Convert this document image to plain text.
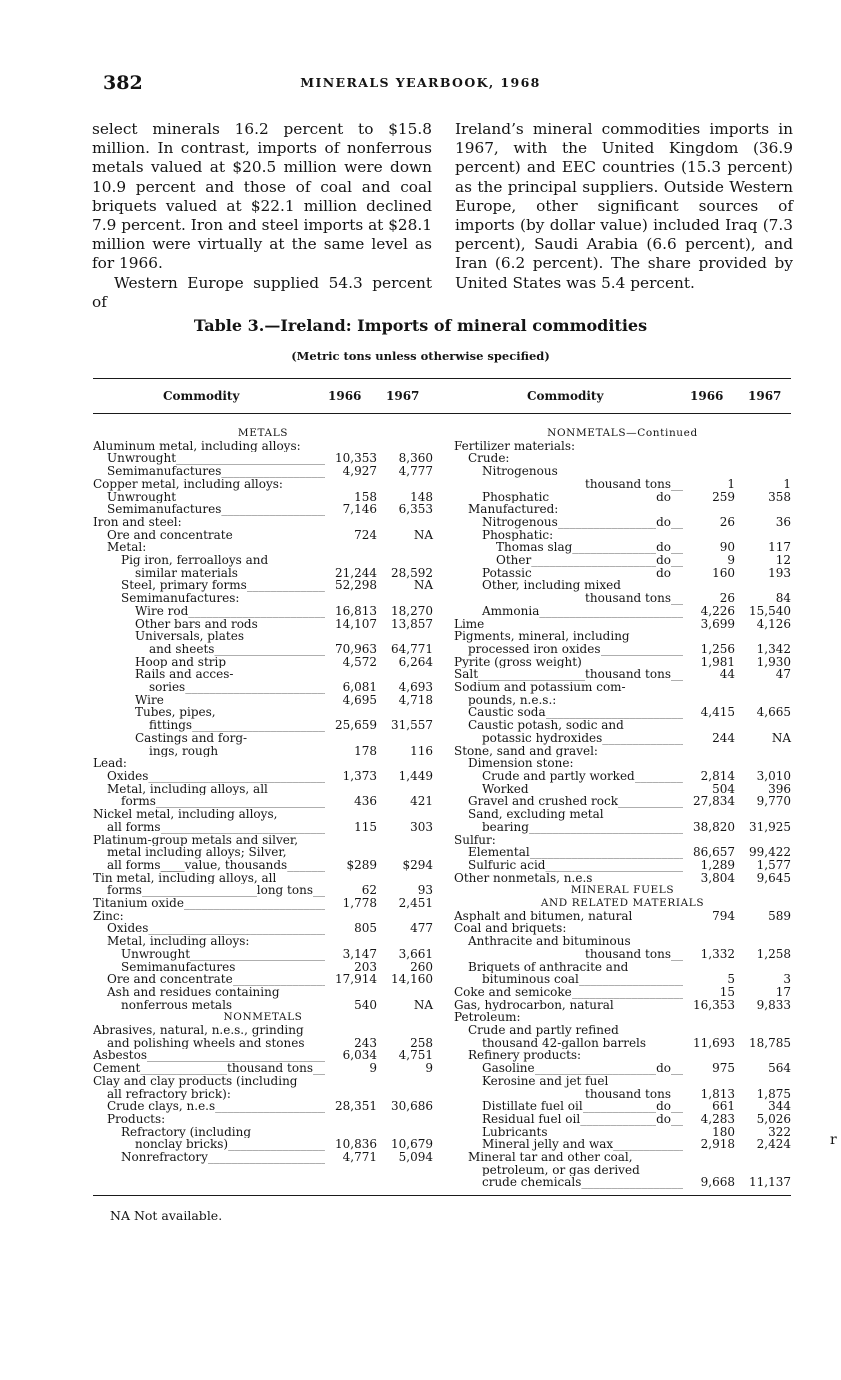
382	MINERALS YEARBOOK, 1968

select minerals 16.2 percent to $15.8 million. In contrast, imports of nonferrous metals valued at $20.5 million were down 10.9 percent and those of coal and coal briquets valued at $22.1 million declined 7.9 percent. Iron and steel imports at $28.1 million were virtually at the same level as for 1966.

Western Europe supplied 54.3 percent of

Ireland’s mineral commodities imports in 1967, with the United Kingdom (36.9 percent) and EEC countries (15.3 percent) as the principal suppliers. Outside Western Europe, other significant sources of imports (by dollar value) included Iraq (7.3 percent), Saudi Arabia (6.6 percent), and Iran (6.2 percent). The share provided by United States was 5.4 percent.

Table 3.—Ireland: Imports of mineral commodities
(Metric tons unless otherwise specified)
Commodity	1966 1967	Commodity	1966 1967
METALS
Aluminum metal, including alloys:
Unwrought _____	10,353	8,360
Semimanufactures _____	4,927	4,777
Copper metal, including alloys:
Unwrought _____	158	148
Semimanufactures _____	7,146	6,353
Iron and steel:
Ore and concentrate _____	724	NA
Metal:
Pig iron, ferroalloys and
similar materials _____	21,244	28,592
Steel, primary forms _____	52,298	NA
Semimanufactures:
Wire rod _____	16,813	18,270
Other bars and rods _____	14,107	13,857
Universals, plates
and sheets _____	70,963	64,771
Hoop and strip _____	4,572	6,264
Rails and acces-
sories _____	6,081	4,693
Wire _____	4,695	4,718
Tubes, pipes,
fittings _____	25,659	31,557
Castings and forg-
ings, rough _____	178	116
Lead:
Oxides _____	1,373	1,449
Metal, including alloys, all
forms _____	436	421
Nickel metal, including alloys,
all forms _____	115	303
Platinum-group metals and silver,
metal including alloys; Silver,
all forms____value, thousands _____	$289	$294
Tin metal, including alloys, all
forms _____	long tons __	62	93
Titanium oxide _____	1,778	2,451
Zinc:
Oxides _____	805	477
Metal, including alloys:
Unwrought _____	3,147	3,661
Semimanufactures _____	203	260
Ore and concentrate _____	17,914	14,160
Ash and residues containing
nonferrous metals _____	540	NA
NONMETALS
Abrasives, natural, n.e.s., grinding
and polishing wheels and stones _____	243	258
Asbestos _____	6,034	4,751
Cement _____	thousand tons __	9	9
Clay and clay products (including
all refractory brick):
Crude clays, n.e.s _____	28,351	30,686
Products:
Refractory (including
nonclay bricks) _____	10,836	10,679
Nonrefractory _____	4,771	5,094
NONMETALS—Continued
Fertilizer materials:
Crude:
Nitrogenous
thousand tons __	1	1
Phosphatic _____	do __	259	358
Manufactured:
Nitrogenous _____	do __	26	36
Phosphatic:
Thomas slag _____	do __	90	117
Other _____	do __	9	12
Potassic _____	do __	160	193
Other, including mixed
thousand tons __	26	84
Ammonia _____	4,226	15,540
Lime _____	3,699	4,126
Pigments, mineral, including
processed iron oxides _____	1,256	1,342
Pyrite (gross weight) _____	1,981	1,930
Salt _____	thousand tons __	44	47
Sodium and potassium com-
pounds, n.e.s.:
Caustic soda _____	4,415	4,665
Caustic potash, sodic and
potassic hydroxides _____	244	NA
Stone, sand and gravel:
Dimension stone:
Crude and partly worked _____	2,814	3,010
Worked _____	504	396
Gravel and crushed rock _____	27,834	9,770
Sand, excluding metal
bearing _____	38,820	31,925
Sulfur:
Elemental _____	86,657	99,422
Sulfuric acid _____	1,289	1,577
Other nonmetals, n.e.s _____	3,804	9,645
MINERAL FUELS
AND RELATED MATERIALS
Asphalt and bitumen, natural _____	794	589
Coal and briquets:
Anthracite and bituminous
thousand tons __	1,332	1,258
Briquets of anthracite and
bituminous coal _____	5	3
Coke and semicoke _____	15	17
Gas, hydrocarbon, natural _____	16,353	9,833
Petroleum:
Crude and partly refined
thousand 42-gallon barrels _____	11,693	18,785
Refinery products:
Gasoline _____	do __	975	564
Kerosine and jet fuel
thousand tons __	1,813	1,875
Distillate fuel oil _____	do __	661	344
Residual fuel oil _____	do __	4,283	5,026
Lubricants _____	180	322
Mineral jelly and wax _____	2,918	2,424
Mineral tar and other coal,
petroleum, or gas derived
crude chemicals _____	9,668	11,137
NA Not available.
r
